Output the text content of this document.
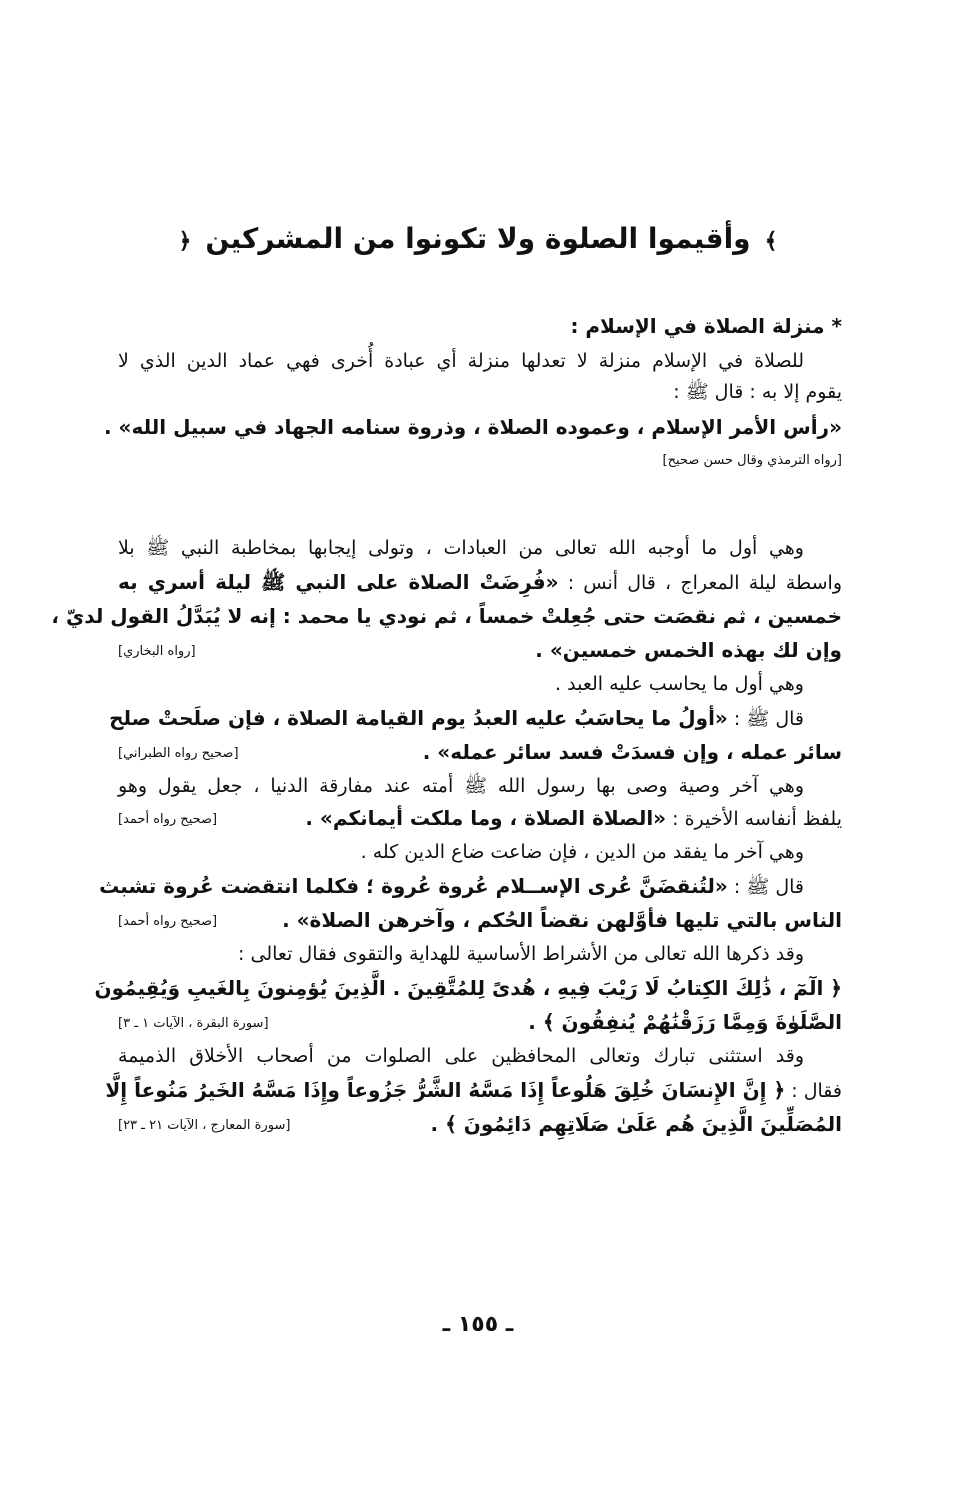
﴾وأقيموا الصلوة ولا تكونوا من المشركين﴿
* منزلة الصلاة في الإسلام :
للصلاة في الإسلام منزلة لا تعدلها منزلة أي عبادة أُخرى فهي عماد الدين الذي لا
يقوم إلا به : قال ﷺ :
«رأس الأمر الإسلام ، وعموده الصلاة ، وذروة سنامه الجهاد في سبيل الله» .
[رواه الترمذي وقال حسن صحيح]
وهي أول ما أوجبه الله تعالى من العبادات ، وتولى إيجابها بمخاطبة النبي ﷺ بلا
واسطة ليلة المعراج ، قال أنس : «فُرِضَتْ الصلاة على النبي ﷺ ليلة أسري به
خمسين ، ثم نقصَت حتى جُعِلتْ خمساً ، ثم نودي يا محمد : إنه لا يُبَدَّلُ القول لديّ ،
وإن لك بهذه الخمس خمسين» .
[رواه البخاري]
وهي أول ما يحاسب عليه العبد .
قال ﷺ : «أولُ ما يحاسَبُ عليه العبدُ يوم القيامة الصلاة ، فإن صلَحتْ صلح
سائر عمله ، وإن فسدَتْ فسد سائر عمله» .
[صحيح رواه الطبراني]
وهي آخر وصية وصى بها رسول الله ﷺ أمته عند مفارقة الدنيا ، جعل يقول وهو
يلفظ أنفاسه الأخيرة : «الصلاة الصلاة ، وما ملكت أيمانكم» .
[صحيح رواه أحمد]
وهي آخر ما يفقد من الدين ، فإن ضاعت ضاع الدين كله .
قال ﷺ : «لتُنقضَنَّ عُرى الإســلام عُروة عُروة ؛ فكلما انتقضت عُروة تشبث
الناس بالتي تليها فأوَّلهن نقضاً الحُكم ، وآخرهن الصلاة» .
[صحيح رواه أحمد]
وقد ذكرها الله تعالى من الأشراط الأساسية للهداية والتقوى فقال تعالى :
﴿ الٓمٓ ، ذَٰلِكَ الكِتابُ لَا رَيْبَ فِيهِ ، هُدىً لِلمُتَّقِينَ . الَّذِينَ يُؤمِنونَ بِالغَيبِ وَيُقِيمُونَ
الصَّلَوٰةَ وَمِمَّا رَزَقْنَٰهُمْ يُنفِقُونَ ﴾ .
[سورة البقرة ، الآيات ١ ـ ٣]
وقد استثنى تبارك وتعالى المحافظين على الصلوات من أصحاب الأخلاق الذميمة
فقال : ﴿ إِنَّ الإِنسَانَ خُلِقَ هَلُوعاً إِذَا مَسَّهُ الشَّرُّ جَزُوعاً وإِذَا مَسَّهُ الخَيرُ مَنُوعاً إِلَّا
المُصَلِّينَ الَّذِينَ هُم عَلَىٰ صَلَاتِهِم دَائِمُونَ ﴾ .
[سورة المعارج ، الآيات ٢١ ـ ٢٣]
ـ ١٥٥ ـ
